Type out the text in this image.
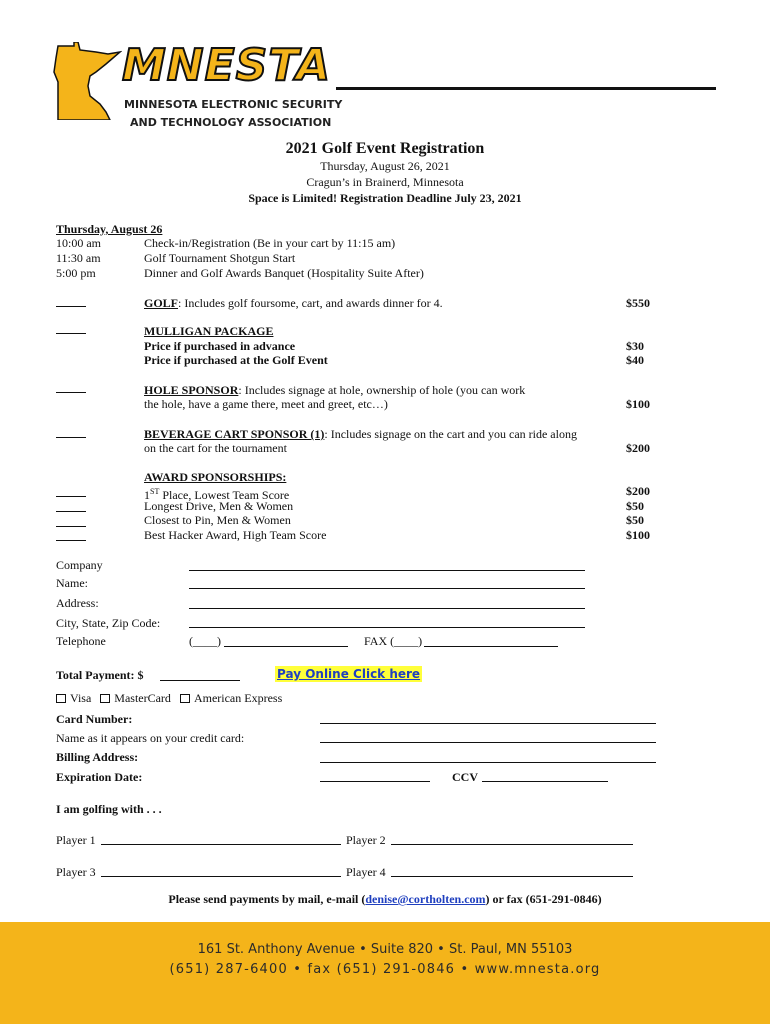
MNESTA
MINNESOTA ELECTRONIC SECURITY
AND TECHNOLOGY ASSOCIATION
2021 Golf Event Registration
Thursday, August 26, 2021
Cragun’s in Brainerd, Minnesota
Space is Limited! Registration Deadline July 23, 2021
Thursday, August 26
10:00 am	Check-in/Registration (Be in your cart by 11:15 am)
11:30 am	Golf Tournament Shotgun Start
5:00 pm	Dinner and Golf Awards Banquet (Hospitality Suite After)
GOLF: Includes golf foursome, cart, and awards dinner for 4.	$550
MULLIGAN PACKAGE
Price if purchased in advance	$30
Price if purchased at the Golf Event	$40
HOLE SPONSOR: Includes signage at hole, ownership of hole (you can work
the hole, have a game there, meet and greet, etc…)	$100
BEVERAGE CART SPONSOR (1): Includes signage on the cart and you can ride along
on the cart for the tournament	$200
AWARD SPONSORSHIPS:
1ST Place, Lowest Team Score	$200
Longest Drive, Men & Women	$50
Closest to Pin, Men & Women	$50
Best Hacker Award, High Team Score	$100
Company
Name:
Address:
City, State, Zip Code:
Telephone	(____)	FAX (____)
Total Payment: $	Pay Online Click here
Visa MasterCard American Express
Card Number:
Name as it appears on your credit card:
Billing Address:
Expiration Date:	CCV
I am golfing with . . .
Player 1	Player 2
Player 3	Player 4
Please send payments by mail, e-mail (denise@cortholten.com) or fax (651-291-0846)
161 St. Anthony Avenue • Suite 820 • St. Paul, MN 55103
(651) 287-6400 • fax (651) 291-0846 • www.mnesta.org
